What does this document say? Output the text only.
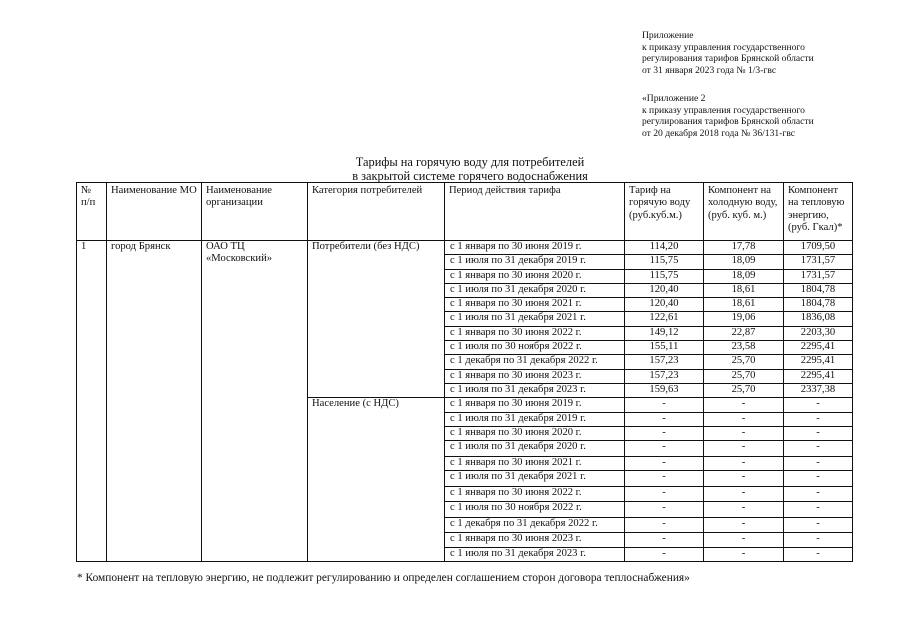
Приложение
к приказу управления государственного
регулирования тарифов Брянской области
от 31 января 2023 года № 1/3-гвс
«Приложение 2
к приказу управления государственного
регулирования тарифов Брянской области
от 20 декабря 2018 года № 36/131-гвс
Тарифы на горячую воду для потребителей
в закрытой системе горячего водоснабжения
№ п/п	Наименование МО	Наименование организации	Категория потребителей	Период действия тарифа	Тариф на горячую воду (руб.куб.м.)	Компонент на холодную воду, (руб. куб. м.)	Компонент на тепловую энергию, (руб. Гкал)*
1	город Брянск	ОАО ТЦ «Московский»	Потребители (без НДС)	с 1 января по 30 июня 2019 г.	114,20	17,78	1709,50
				с 1 июля по 31 декабря 2019 г.	115,75	18,09	1731,57
				с 1 января по 30 июня 2020 г.	115,75	18,09	1731,57
				с 1 июля по 31 декабря 2020 г.	120,40	18,61	1804,78
				с 1 января по 30 июня 2021 г.	120,40	18,61	1804,78
				с 1 июля по 31 декабря 2021 г.	122,61	19,06	1836,08
				с 1 января по 30 июня 2022 г.	149,12	22,87	2203,30
				с 1 июля по 30 ноября 2022 г.	155,11	23,58	2295,41
				с 1 декабря по 31 декабря 2022 г.	157,23	25,70	2295,41
				с 1 января по 30 июня 2023 г.	157,23	25,70	2295,41
				с 1 июля по 31 декабря 2023 г.	159,63	25,70	2337,38
			Население (с НДС)	с 1 января по 30 июня 2019 г.	-	-	-
				с 1 июля по 31 декабря 2019 г.	-	-	-
				с 1 января по 30 июня 2020 г.	-	-	-
				с 1 июля по 31 декабря 2020 г.	-	-	-
				с 1 января по 30 июня 2021 г.	-	-	-
				с 1 июля по 31 декабря 2021 г.	-	-	-
				с 1 января по 30 июня 2022 г.	-	-	-
				с 1 июля по 30 ноября 2022 г.	-	-	-
				с 1 декабря по 31 декабря 2022 г.	-	-	-
				с 1 января по 30 июня 2023 г.	-	-	-
				с 1 июля по 31 декабря 2023 г.	-	-	-
* Компонент на тепловую энергию, не подлежит регулированию и определен соглашением сторон договора теплоснабжения»
